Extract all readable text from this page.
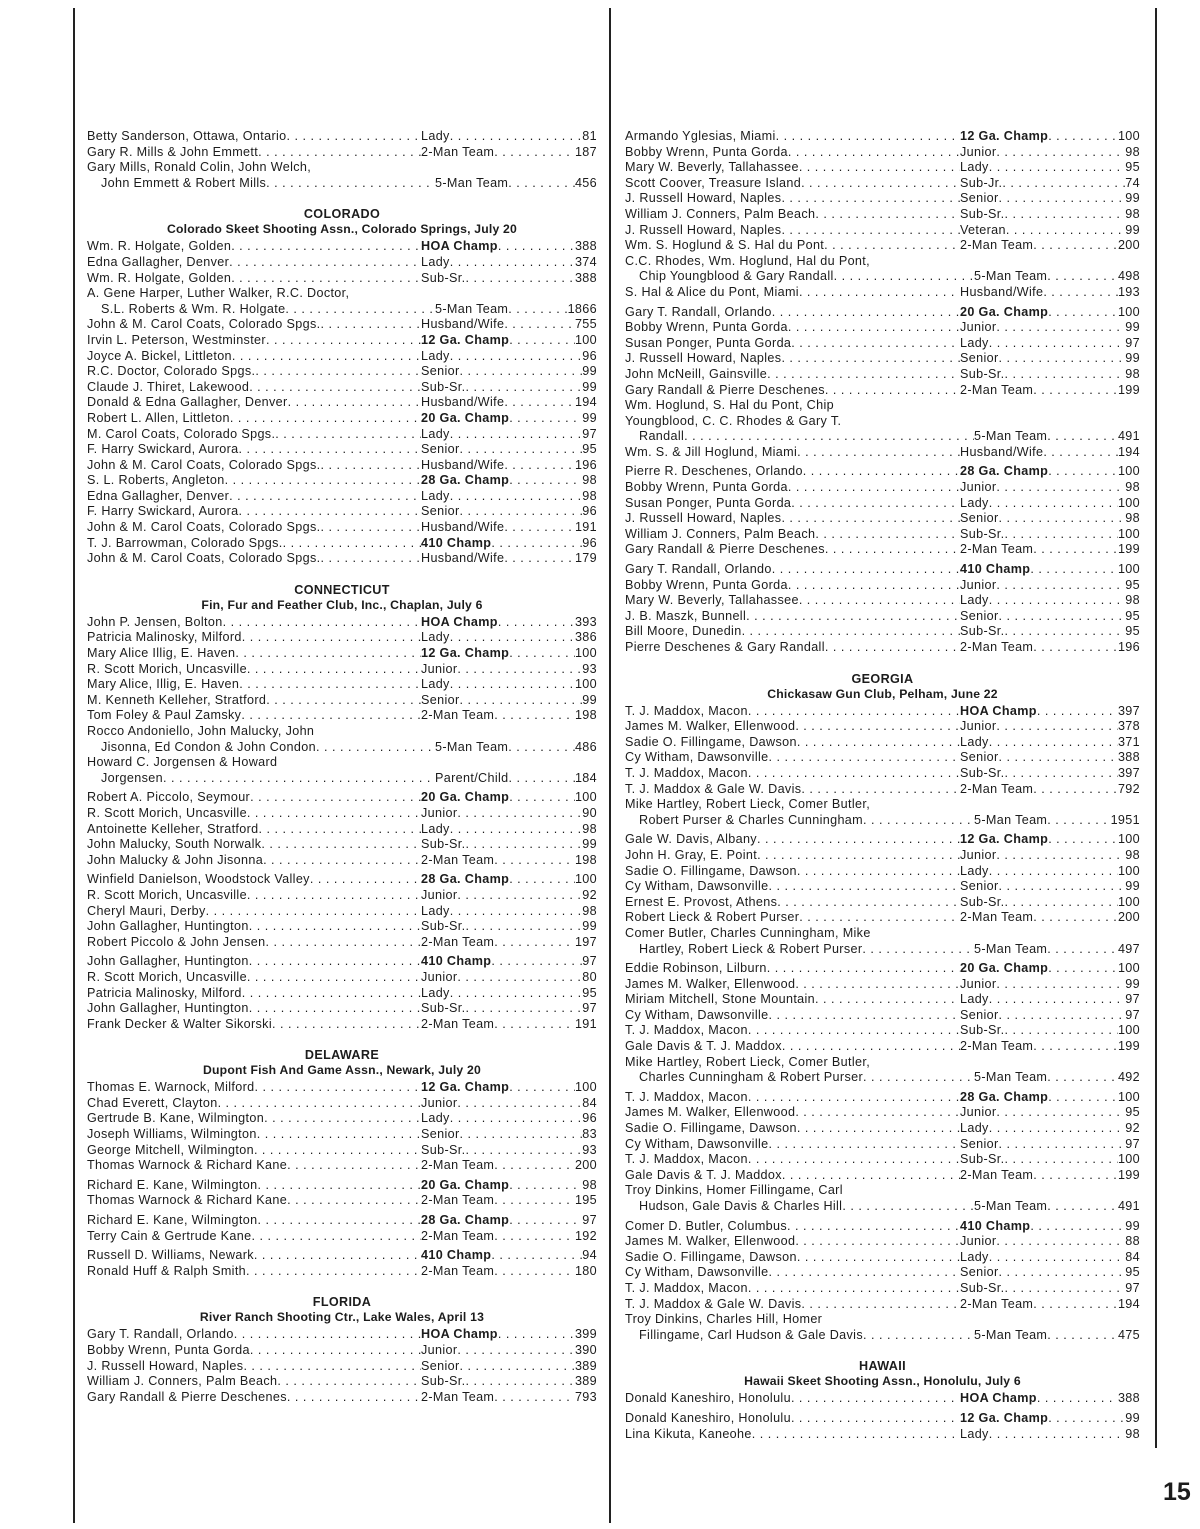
Betty Sanderson, Ottawa, Ontario . . .	Lady . . .	81
Gary R. Mills & John Emmett . . .	2-Man Team . . .	187
Gary Mills, Ronald Colin, John Welch,
John Emmett & Robert Mills . . .	5-Man Team . . .	456
COLORADO
Colorado Skeet Shooting Assn., Colorado Springs, July 20
Wm. R. Holgate, Golden . . .	HOA Champ . . .	388
Edna Gallagher, Denver . . .	Lady . . .	374
Wm. R. Holgate, Golden . . .	Sub-Sr. . . .	388
A. Gene Harper, Luther Walker, R.C. Doctor,
S.L. Roberts & Wm. R. Holgate . . .	5-Man Team . . .	1866
John & M. Carol Coats, Colorado Spgs. . . .	Husband/Wife . . .	755
Irvin L. Peterson, Westminster . . .	12 Ga. Champ . . .	100
Joyce A. Bickel, Littleton . . .	Lady . . .	96
R.C. Doctor, Colorado Spgs. . . .	Senior . . .	99
Claude J. Thiret, Lakewood . . .	Sub-Sr. . . .	99
Donald & Edna Gallagher, Denver . . .	Husband/Wife . . .	194
Robert L. Allen, Littleton . . .	20 Ga. Champ . . .	99
M. Carol Coats, Colorado Spgs. . . .	Lady . . .	97
F. Harry Swickard, Aurora . . .	Senior . . .	95
John & M. Carol Coats, Colorado Spgs. . . .	Husband/Wife . . .	196
S. L. Roberts, Angleton . . .	28 Ga. Champ . . .	98
Edna Gallagher, Denver . . .	Lady . . .	98
F. Harry Swickard, Aurora . . .	Senior . . .	96
John & M. Carol Coats, Colorado Spgs. . . .	Husband/Wife . . .	191
T. J. Barrowman, Colorado Spgs. . . .	410 Champ . . .	96
John & M. Carol Coats, Colorado Spgs. . . .	Husband/Wife . . .	179
CONNECTICUT
Fin, Fur and Feather Club, Inc., Chaplan, July 6
John P. Jensen, Bolton . . .	HOA Champ . . .	393
Patricia Malinosky, Milford . . .	Lady . . .	386
Mary Alice Illig, E. Haven . . .	12 Ga. Champ . . .	100
R. Scott Morich, Uncasville . . .	Junior . . .	93
Mary Alice, Illig, E. Haven . . .	Lady . . .	100
M. Kenneth Kelleher, Stratford . . .	Senior . . .	99
Tom Foley & Paul Zamsky . . .	2-Man Team . . .	198
Rocco Andoniello, John Malucky, John
Jisonna, Ed Condon & John Condon . . .	5-Man Team . . .	486
Howard C. Jorgensen & Howard
Jorgensen . . .	Parent/Child . . .	184
Robert A. Piccolo, Seymour . . .	20 Ga. Champ . . .	100
R. Scott Morich, Uncasville . . .	Junior . . .	90
Antoinette Kelleher, Stratford . . .	Lady . . .	98
John Malucky, South Norwalk . . .	Sub-Sr. . . .	99
John Malucky & John Jisonna . . .	2-Man Team . . .	198
Winfield Danielson, Woodstock Valley . . .	28 Ga. Champ . . .	100
R. Scott Morich, Uncasville . . .	Junior . . .	92
Cheryl Mauri, Derby . . .	Lady . . .	98
John Gallagher, Huntington . . .	Sub-Sr. . . .	99
Robert Piccolo & John Jensen . . .	2-Man Team . . .	197
John Gallagher, Huntington . . .	410 Champ . . .	97
R. Scott Morich, Uncasville . . .	Junior . . .	80
Patricia Malinosky, Milford . . .	Lady . . .	95
John Gallagher, Huntington . . .	Sub-Sr. . . .	97
Frank Decker & Walter Sikorski . . .	2-Man Team . . .	191
DELAWARE
Dupont Fish And Game Assn., Newark, July 20
Thomas E. Warnock, Milford . . .	12 Ga. Champ . . .	100
Chad Everett, Clayton . . .	Junior . . .	84
Gertrude B. Kane, Wilmington . . .	Lady . . .	96
Joseph Williams, Wilmington . . .	Senior . . .	83
George Mitchell, Wilmington . . .	Sub-Sr. . . .	93
Thomas Warnock & Richard Kane . . .	2-Man Team . . .	200
Richard E. Kane, Wilmington . . .	20 Ga. Champ . . .	98
Thomas Warnock & Richard Kane . . .	2-Man Team . . .	195
Richard E. Kane, Wilmington . . .	28 Ga. Champ . . .	97
Terry Cain & Gertrude Kane . . .	2-Man Team . . .	192
Russell D. Williams, Newark . . .	410 Champ . . .	94
Ronald Huff & Ralph Smith . . .	2-Man Team . . .	180
FLORIDA
River Ranch Shooting Ctr., Lake Wales, April 13
Gary T. Randall, Orlando . . .	HOA Champ . . .	399
Bobby Wrenn, Punta Gorda . . .	Junior . . .	390
J. Russell Howard, Naples . . .	Senior . . .	389
William J. Conners, Palm Beach . . .	Sub-Sr. . . .	389
Gary Randall & Pierre Deschenes . . .	2-Man Team . . .	793
Armando Yglesias, Miami . . .	12 Ga. Champ . . .	100
Bobby Wrenn, Punta Gorda . . .	Junior . . .	98
Mary W. Beverly, Tallahassee . . .	Lady . . .	95
Scott Coover, Treasure Island . . .	Sub-Jr. . . .	74
J. Russell Howard, Naples . . .	Senior . . .	99
William J. Conners, Palm Beach . . .	Sub-Sr. . . .	98
J. Russell Howard, Naples . . .	Veteran . . .	99
Wm. S. Hoglund & S. Hal du Pont . . .	2-Man Team . . .	200
C.C. Rhodes, Wm. Hoglund, Hal du Pont,
Chip Youngblood & Gary Randall . . .	5-Man Team . . .	498
S. Hal & Alice du Pont, Miami . . .	Husband/Wife . . .	193
Gary T. Randall, Orlando . . .	20 Ga. Champ . . .	100
Bobby Wrenn, Punta Gorda . . .	Junior . . .	99
Susan Ponger, Punta Gorda . . .	Lady . . .	97
J. Russell Howard, Naples . . .	Senior . . .	99
John McNeill, Gainsville . . .	Sub-Sr. . . .	98
Gary Randall & Pierre Deschenes . . .	2-Man Team . . .	199
Wm. Hoglund, S. Hal du Pont, Chip
Youngblood, C. C. Rhodes & Gary T.
Randall . . .	5-Man Team . . .	491
Wm. S. & Jill Hoglund, Miami . . .	Husband/Wife . . .	194
Pierre R. Deschenes, Orlando . . .	28 Ga. Champ . . .	100
Bobby Wrenn, Punta Gorda . . .	Junior . . .	98
Susan Ponger, Punta Gorda . . .	Lady . . .	100
J. Russell Howard, Naples . . .	Senior . . .	98
William J. Conners, Palm Beach . . .	Sub-Sr. . . .	100
Gary Randall & Pierre Deschenes . . .	2-Man Team . . .	199
Gary T. Randall, Orlando . . .	410 Champ . . .	100
Bobby Wrenn, Punta Gorda . . .	Junior . . .	95
Mary W. Beverly, Tallahassee . . .	Lady . . .	98
J. B. Maszk, Bunnell . . .	Senior . . .	95
Bill Moore, Dunedin . . .	Sub-Sr. . . .	95
Pierre Deschenes & Gary Randall . . .	2-Man Team . . .	196
GEORGIA
Chickasaw Gun Club, Pelham, June 22
T. J. Maddox, Macon . . .	HOA Champ . . .	397
James M. Walker, Ellenwood . . .	Junior . . .	378
Sadie O. Fillingame, Dawson . . .	Lady . . .	371
Cy Witham, Dawsonville . . .	Senior . . .	388
T. J. Maddox, Macon . . .	Sub-Sr. . . .	397
T. J. Maddox & Gale W. Davis . . .	2-Man Team . . .	792
Mike Hartley, Robert Lieck, Comer Butler,
Robert Purser & Charles Cunningham . . .	5-Man Team . . .	1951
Gale W. Davis, Albany . . .	12 Ga. Champ . . .	100
John H. Gray, E. Point . . .	Junior . . .	98
Sadie O. Fillingame, Dawson . . .	Lady . . .	100
Cy Witham, Dawsonville . . .	Senior . . .	99
Ernest E. Provost, Athens . . .	Sub-Sr. . . .	100
Robert Lieck & Robert Purser . . .	2-Man Team . . .	200
Comer Butler, Charles Cunningham, Mike
Hartley, Robert Lieck & Robert Purser . . .	5-Man Team . . .	497
Eddie Robinson, Lilburn . . .	20 Ga. Champ . . .	100
James M. Walker, Ellenwood . . .	Junior . . .	99
Miriam Mitchell, Stone Mountain . . .	Lady . . .	97
Cy Witham, Dawsonville . . .	Senior . . .	97
T. J. Maddox, Macon . . .	Sub-Sr. . . .	100
Gale Davis & T. J. Maddox . . .	2-Man Team . . .	199
Mike Hartley, Robert Lieck, Comer Butler,
Charles Cunningham & Robert Purser . . .	5-Man Team . . .	492
T. J. Maddox, Macon . . .	28 Ga. Champ . . .	100
James M. Walker, Ellenwood . . .	Junior . . .	95
Sadie O. Fillingame, Dawson . . .	Lady . . .	92
Cy Witham, Dawsonville . . .	Senior . . .	97
T. J. Maddox, Macon . . .	Sub-Sr. . . .	100
Gale Davis & T. J. Maddox . . .	2-Man Team . . .	199
Troy Dinkins, Homer Fillingame, Carl
Hudson, Gale Davis & Charles Hill . . .	5-Man Team . . .	491
Comer D. Butler, Columbus . . .	410 Champ . . .	99
James M. Walker, Ellenwood . . .	Junior . . .	88
Sadie O. Fillingame, Dawson . . .	Lady . . .	84
Cy Witham, Dawsonville . . .	Senior . . .	95
T. J. Maddox, Macon . . .	Sub-Sr. . . .	97
T. J. Maddox & Gale W. Davis . . .	2-Man Team . . .	194
Troy Dinkins, Charles Hill, Homer
Fillingame, Carl Hudson & Gale Davis . . .	5-Man Team . . .	475
HAWAII
Hawaii Skeet Shooting Assn., Honolulu, July 6
Donald Kaneshiro, Honolulu . . .	HOA Champ . . .	388
Donald Kaneshiro, Honolulu . . .	12 Ga. Champ . . .	99
Lina Kikuta, Kaneohe . . .	Lady . . .	98
15
